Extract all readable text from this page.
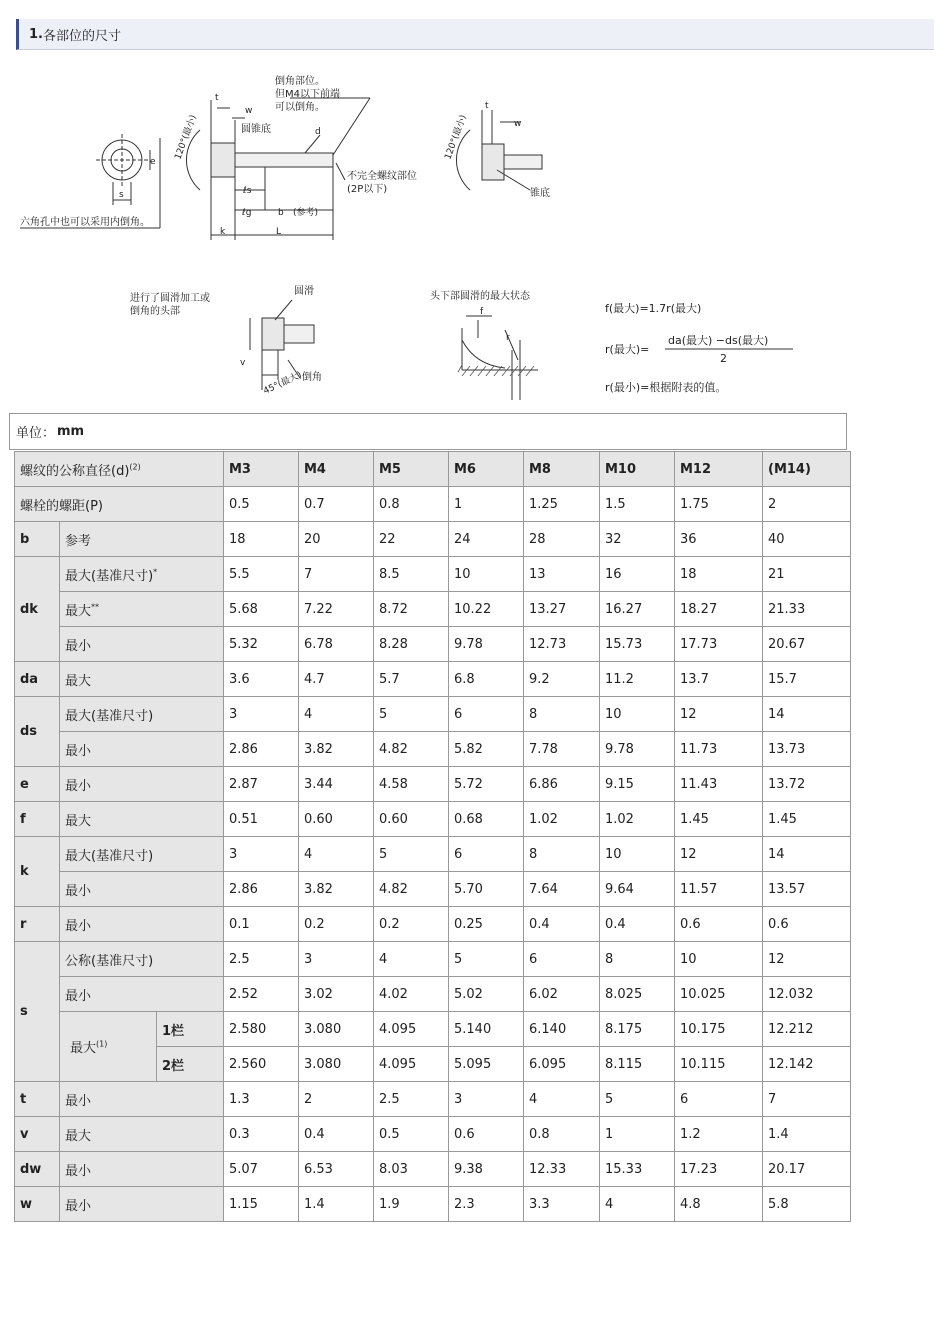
1. 各部位的尺寸
s
e
六角孔中也可以采用内倒角。
倒角部位。
但M4以下前端
可以倒角。
圆锥底	d
t
w
不完全螺纹部位
(2P以下)
ℓs
ℓg	b (参考)
k	L
120°(最小)
t
w
锥底
120°(最小)
进行了圆滑加工或
倒角的头部
圆滑
倒角
v
45°(最大)
头下部圆滑的最大状态
f
r
f(最大)=1.7r(最大)
r(最大)=
da(最大) −ds(最大)
2
r(最小)=根据附表的值。
单位： mm
螺纹的公称直径$(d)^{(2)}$			M3	M4	M5	M6	M8	M10	M12	(M14)
螺栓的螺距(P)			0.5	0.7	0.8	1	1.25	1.5	1.75	2
b	参考		18	20	22	24	28	32	36	40
dk	最大(基准尺寸)*		5.5	7	8.5	10	13	16	18	21
	最大**		5.68	7.22	8.72	10.22	13.27	16.27	18.27	21.33
	最小		5.32	6.78	8.28	9.78	12.73	15.73	17.73	20.67
da	最大		3.6	4.7	5.7	6.8	9.2	11.2	13.7	15.7
ds	最大(基准尺寸)		3	4	5	6	8	10	12	14
	最小		2.86	3.82	4.82	5.82	7.78	9.78	11.73	13.73
e	最小		2.87	3.44	4.58	5.72	6.86	9.15	11.43	13.72
f	最大		0.51	0.60	0.60	0.68	1.02	1.02	1.45	1.45
k	最大(基准尺寸)		3	4	5	6	8	10	12	14
	最小		2.86	3.82	4.82	5.70	7.64	9.64	11.57	13.57
r	最小		0.1	0.2	0.2	0.25	0.4	0.4	0.6	0.6
s	公称(基准尺寸)		2.5	3	4	5	6	8	10	12
	最小		2.52	3.02	4.02	5.02	6.02	8.025	10.025	12.032
	最大$^{(1)}$	1栏	2.580	3.080	4.095	5.140	6.140	8.175	10.175	12.212
		2栏	2.560	3.080	4.095	5.095	6.095	8.115	10.115	12.142
t	最小		1.3	2	2.5	3	4	5	6	7
v	最大		0.3	0.4	0.5	0.6	0.8	1	1.2	1.4
dw	最小		5.07	6.53	8.03	9.38	12.33	15.33	17.23	20.17
w	最小		1.15	1.4	1.9	2.3	3.3	4	4.8	5.8
